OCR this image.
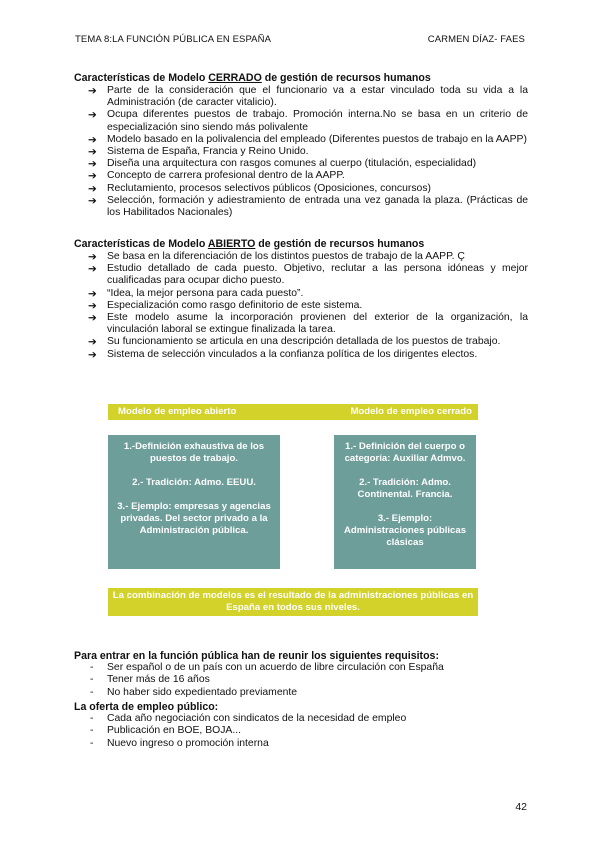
TEMA 8:LA FUNCIÓN PÚBLICA EN ESPAÑA	CARMEN DÍAZ- FAES
Características de Modelo CERRADO de gestión de recursos humanos
➔ Parte de la consideración que el funcionario va a estar vinculado toda su vida a la Administración (de caracter vitalicio).
➔ Ocupa diferentes puestos de trabajo. Promoción interna.No se basa en un criterio de especialización sino siendo más polivalente
➔ Modelo basado en la polivalencia del empleado (Diferentes puestos de trabajo en la AAPP)
➔ Sistema de España, Francia y Reino Unido.
➔ Diseña una arquitectura con rasgos comunes al cuerpo (titulación, especialidad)
➔ Concepto de carrera profesional dentro de la AAPP.
➔ Reclutamiento, procesos selectivos públicos (Oposiciones, concursos)
➔ Selección, formación y adiestramiento de entrada una vez ganada la plaza. (Prácticas de los Habilitados Nacionales)
Características de Modelo ABIERTO de gestión de recursos humanos
➔ Se basa en la diferenciación de los distintos puestos de trabajo de la AAPP. Ç
➔ Estudio detallado de cada puesto. Objetivo, reclutar a las persona idóneas y mejor cualificadas para ocupar dicho puesto.
➔ “Idea, la mejor persona para cada puesto”.
➔ Especialización como rasgo definitorio de este sistema.
➔ Este modelo asume la incorporación provienen del exterior de la organización, la vinculación laboral se extingue finalizada la tarea.
➔ Su funcionamiento se articula en una descripción detallada de los puestos de trabajo.
➔ Sistema de selección vinculados a la confianza política de los dirigentes electos.
Modelo de empleo abierto	Modelo de empleo cerrado

1.-Definición exhaustiva de los puestos de trabajo.

2.- Tradición: Admo. EEUU.

3.- Ejemplo: empresas y agencias privadas. Del sector privado a la Administración pública.

1.- Definición del cuerpo o categoría: Auxiliar Admvo.

2.- Tradición: Admo. Continental. Francia.

3.- Ejemplo: Administraciones públicas clásicas

La combinación de modelos es el resultado de la administraciones públicas en España en todos sus niveles.
Para entrar en la función pública han de reunir los siguientes requisitos:
- Ser español o de un país con un acuerdo de libre circulación con España
- Tener más de 16 años
- No haber sido expedientado previamente
La oferta de empleo público:
- Cada año negociación con sindicatos de la necesidad de empleo
- Publicación en BOE, BOJA...
- Nuevo ingreso o promoción interna
42
